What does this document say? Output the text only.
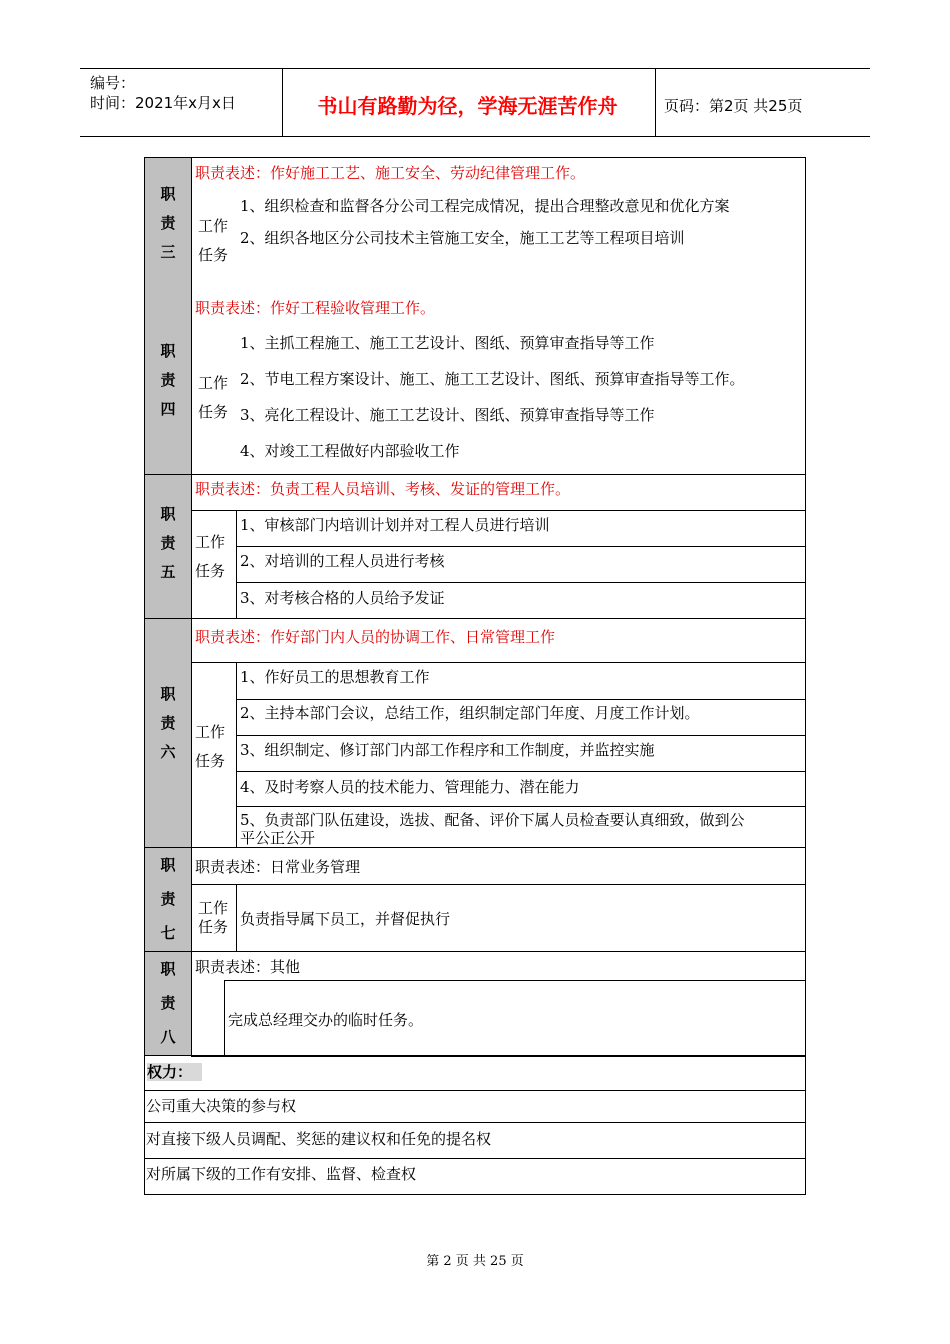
编号：
时间：2021年x月x日	书山有路勤为径，学海无涯苦作舟	页码：第2页 共25页
职
责
三
职责表述：作好施工工艺、施工安全、劳动纪律管理工作。
工作
任务
1、组织检查和监督各分公司工程完成情况，提出合理整改意见和优化方案
2、组织各地区分公司技术主管施工安全，施工工艺等工程项目培训
职
责
四
职责表述：作好工程验收管理工作。
工作
任务
1、主抓工程施工、施工工艺设计、图纸、预算审查指导等工作
2、节电工程方案设计、施工、施工工艺设计、图纸、预算审查指导等工作。
3、亮化工程设计、施工工艺设计、图纸、预算审查指导等工作
4、对竣工工程做好内部验收工作
职
责
五
职责表述：负责工程人员培训、考核、发证的管理工作。
工作
任务
1、审核部门内培训计划并对工程人员进行培训
2、对培训的工程人员进行考核
3、对考核合格的人员给予发证
职
责
六
职责表述：作好部门内人员的协调工作、日常管理工作
工作
任务
1、作好员工的思想教育工作
2、主持本部门会议，总结工作，组织制定部门年度、月度工作计划。
3、组织制定、修订部门内部工作程序和工作制度，并监控实施
4、及时考察人员的技术能力、管理能力、潜在能力
5、负责部门队伍建设，选拔、配备、评价下属人员检查要认真细致，做到公
平公正公开
职
责
七
职责表述：日常业务管理
工作
任务 负责指导属下员工，并督促执行
职
责
八
职责表述：其他
完成总经理交办的临时任务。
权力：
公司重大决策的参与权
对直接下级人员调配、奖惩的建议权和任免的提名权
对所属下级的工作有安排、监督、检查权
第 2 页 共 25 页
